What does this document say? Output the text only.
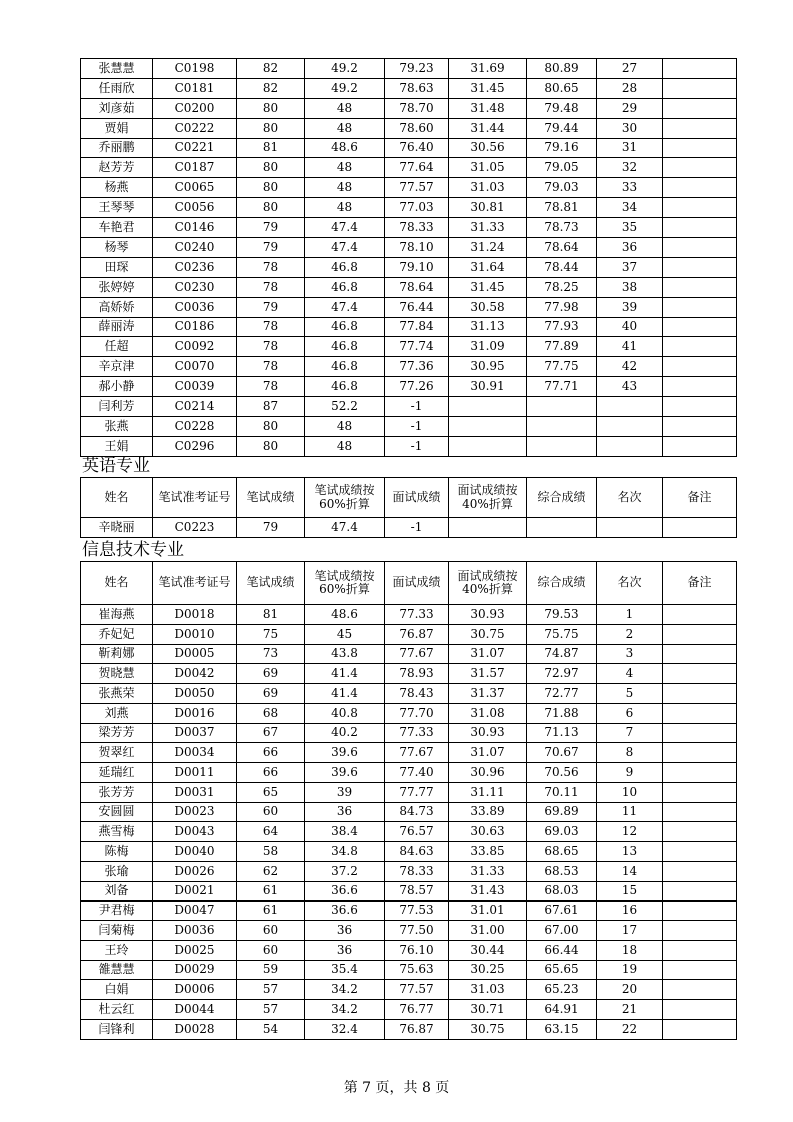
张慧慧	C0198	82	49.2	79.23	31.69	80.89	27	
任雨欣	C0181	82	49.2	78.63	31.45	80.65	28	
刘彦茹	C0200	80	48	78.70	31.48	79.48	29	
贾娟	C0222	80	48	78.60	31.44	79.44	30	
乔丽鹏	C0221	81	48.6	76.40	30.56	79.16	31	
赵芳芳	C0187	80	48	77.64	31.05	79.05	32	
杨燕	C0065	80	48	77.57	31.03	79.03	33	
王琴琴	C0056	80	48	77.03	30.81	78.81	34	
车艳君	C0146	79	47.4	78.33	31.33	78.73	35	
杨琴	C0240	79	47.4	78.10	31.24	78.64	36	
田琛	C0236	78	46.8	79.10	31.64	78.44	37	
张婷婷	C0230	78	46.8	78.64	31.45	78.25	38	
高娇娇	C0036	79	47.4	76.44	30.58	77.98	39	
薛丽涛	C0186	78	46.8	77.84	31.13	77.93	40	
任超	C0092	78	46.8	77.74	31.09	77.89	41	
辛京津	C0070	78	46.8	77.36	30.95	77.75	42	
郝小静	C0039	78	46.8	77.26	30.91	77.71	43	
闫利芳	C0214	87	52.2	-1				
张燕	C0228	80	48	-1				
王娟	C0296	80	48	-1				
英语专业
姓名	笔试准考证号	笔试成绩	笔试成绩按60%折算	面试成绩	面试成绩按40%折算	综合成绩	名次	备注
辛晓丽	C0223	79	47.4	-1				
信息技术专业
姓名	笔试准考证号	笔试成绩	笔试成绩按60%折算	面试成绩	面试成绩按40%折算	综合成绩	名次	备注
崔海燕	D0018	81	48.6	77.33	30.93	79.53	1	
乔妃妃	D0010	75	45	76.87	30.75	75.75	2	
靳莉娜	D0005	73	43.8	77.67	31.07	74.87	3	
贺晓慧	D0042	69	41.4	78.93	31.57	72.97	4	
张燕荣	D0050	69	41.4	78.43	31.37	72.77	5	
刘燕	D0016	68	40.8	77.70	31.08	71.88	6	
梁芳芳	D0037	67	40.2	77.33	30.93	71.13	7	
贺翠红	D0034	66	39.6	77.67	31.07	70.67	8	
延瑞红	D0011	66	39.6	77.40	30.96	70.56	9	
张芳芳	D0031	65	39	77.77	31.11	70.11	10	
安圆圆	D0023	60	36	84.73	33.89	69.89	11	
燕雪梅	D0043	64	38.4	76.57	30.63	69.03	12	
陈梅	D0040	58	34.8	84.63	33.85	68.65	13	
张瑜	D0026	62	37.2	78.33	31.33	68.53	14	
刘备	D0021	61	36.6	78.57	31.43	68.03	15	
尹君梅	D0047	61	36.6	77.53	31.01	67.61	16	
闫菊梅	D0036	60	36	77.50	31.00	67.00	17	
王玲	D0025	60	36	76.10	30.44	66.44	18	
雒慧慧	D0029	59	35.4	75.63	30.25	65.65	19	
白娟	D0006	57	34.2	77.57	31.03	65.23	20	
杜云红	D0044	57	34.2	76.77	30.71	64.91	21	
闫锋利	D0028	54	32.4	76.87	30.75	63.15	22	
第 7 页，共 8 页
